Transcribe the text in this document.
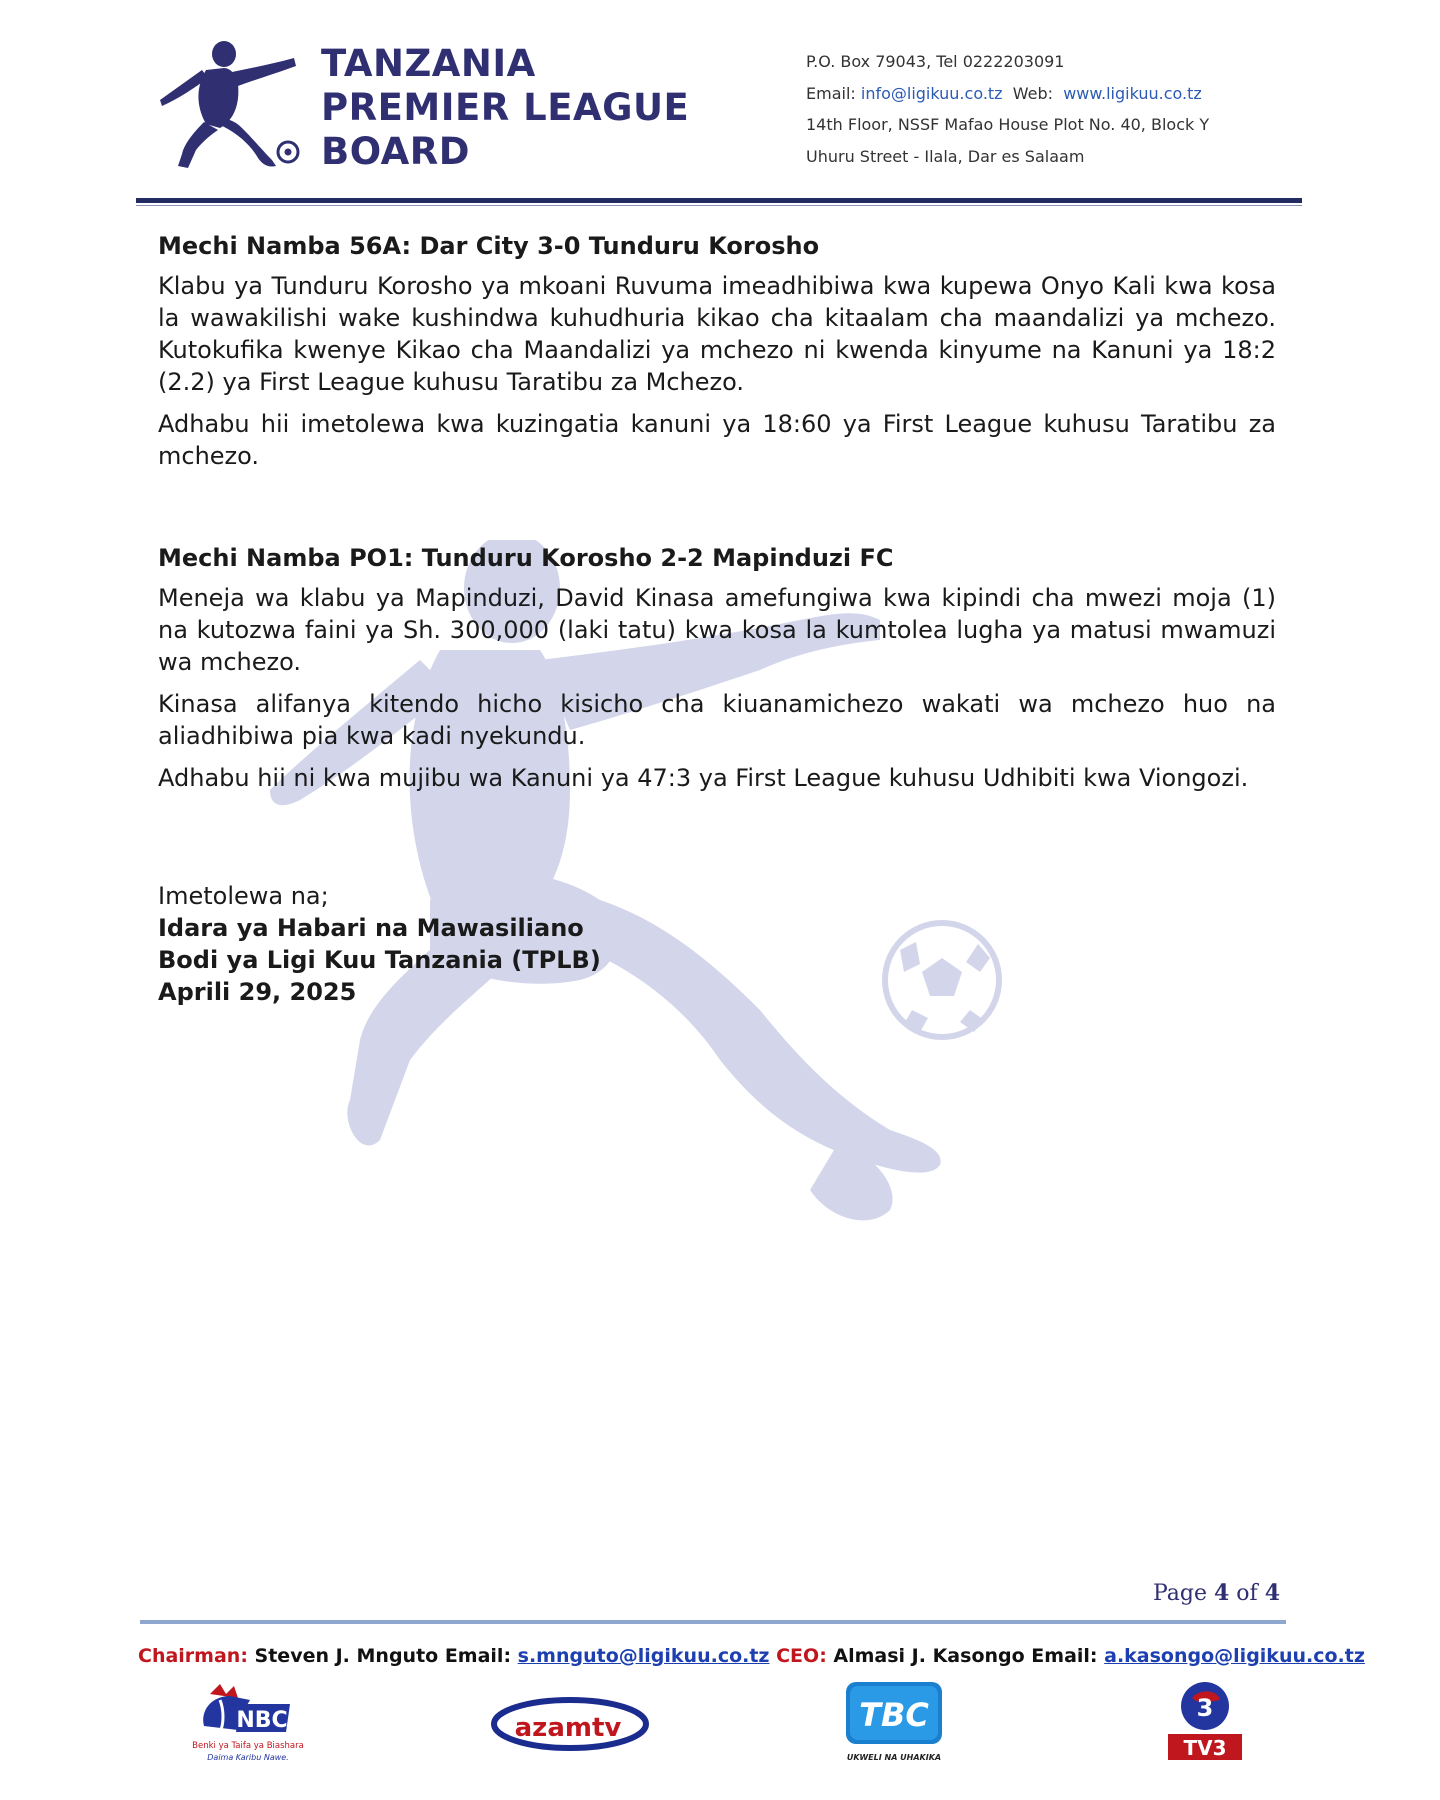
TANZANIA
PREMIER LEAGUE
BOARD
P.O. Box 79043, Tel 0222203091
Email: info@ligikuu.co.tz  Web:  www.ligikuu.co.tz
14th Floor, NSSF Mafao House Plot No. 40, Block Y
Uhuru Street - Ilala, Dar es Salaam

Mechi Namba 56A: Dar City 3-0 Tunduru Korosho

Klabu ya Tunduru Korosho ya mkoani Ruvuma imeadhibiwa kwa kupewa Onyo Kali kwa kosa la wawakilishi wake kushindwa kuhudhuria kikao cha kitaalam cha maandalizi ya mchezo. Kutokufika kwenye Kikao cha Maandalizi ya mchezo ni kwenda kinyume na Kanuni ya 18:2 (2.2) ya First League kuhusu Taratibu za Mchezo.

Adhabu hii imetolewa kwa kuzingatia kanuni ya 18:60 ya First League kuhusu Taratibu za mchezo.

Mechi Namba PO1: Tunduru Korosho 2-2 Mapinduzi FC

Meneja wa klabu ya Mapinduzi, David Kinasa amefungiwa kwa kipindi cha mwezi moja (1) na kutozwa faini ya Sh. 300,000 (laki tatu) kwa kosa la kumtolea lugha ya matusi mwamuzi wa mchezo.

Kinasa alifanya kitendo hicho kisicho cha kiuanamichezo wakati wa mchezo huo na aliadhibiwa pia kwa kadi nyekundu.

Adhabu hii ni kwa mujibu wa Kanuni ya 47:3 ya First League kuhusu Udhibiti kwa Viongozi.

Imetolewa na;
Idara ya Habari na Mawasiliano
Bodi ya Ligi Kuu Tanzania (TPLB)
Aprili 29, 2025
Page 4 of 4
Chairman: Steven J. Mnguto Email: s.mnguto@ligikuu.co.tz CEO: Almasi J. Kasongo Email: a.kasongo@ligikuu.co.tz
NBC
Benki ya Taifa ya Biashara
Daima Karibu Nawe.
azamtv	TBC
UKWELI NA UHAKIKA
3
TV3
